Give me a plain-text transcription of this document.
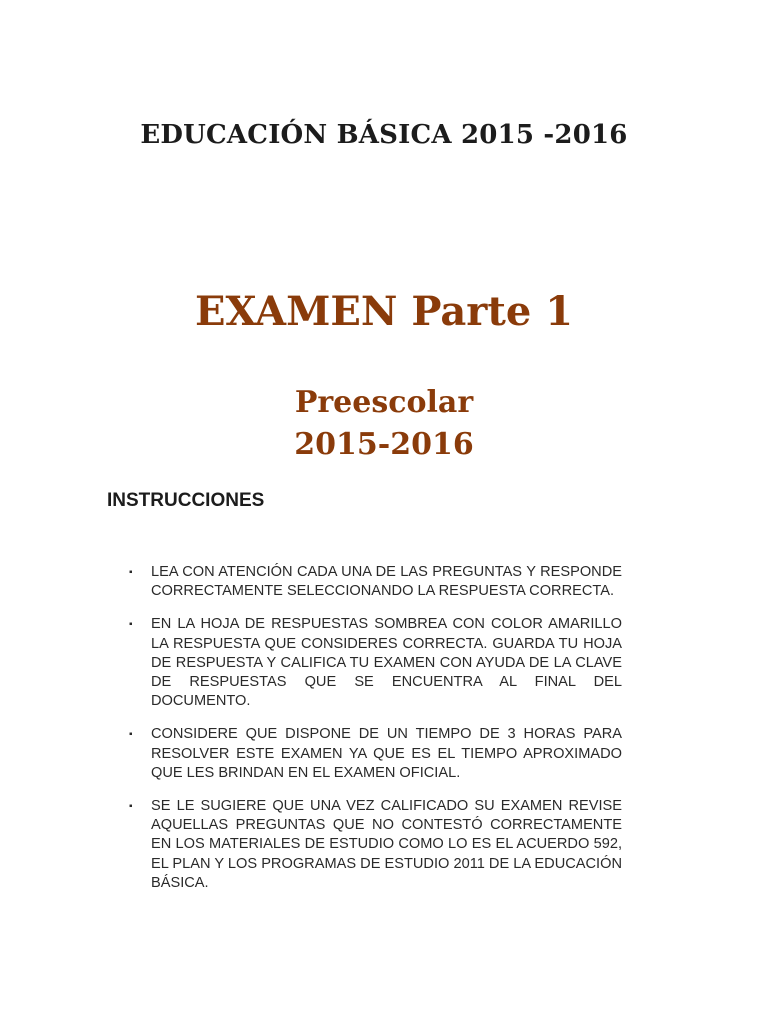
EDUCACIÓN BÁSICA 2015 -2016
EXAMEN Parte 1
Preescolar
2015-2016
INSTRUCCIONES
▪ LEA CON ATENCIÓN CADA UNA DE LAS PREGUNTAS Y RESPONDE CORRECTAMENTE SELECCIONANDO LA RESPUESTA CORRECTA.
▪ EN LA HOJA DE RESPUESTAS SOMBREA CON COLOR AMARILLO LA RESPUESTA QUE CONSIDERES CORRECTA. GUARDA TU HOJA DE RESPUESTA Y CALIFICA TU EXAMEN CON AYUDA DE LA CLAVE DE RESPUESTAS QUE SE ENCUENTRA AL FINAL DEL DOCUMENTO.
▪ CONSIDERE QUE DISPONE DE UN TIEMPO DE 3 HORAS PARA RESOLVER ESTE EXAMEN YA QUE ES EL TIEMPO APROXIMADO QUE LES BRINDAN EN EL EXAMEN OFICIAL.
▪ SE LE SUGIERE QUE UNA VEZ CALIFICADO SU EXAMEN REVISE AQUELLAS PREGUNTAS QUE NO CONTESTÓ CORRECTAMENTE EN LOS MATERIALES DE ESTUDIO COMO LO ES EL ACUERDO 592, EL PLAN Y LOS PROGRAMAS DE ESTUDIO 2011 DE LA EDUCACIÓN BÁSICA.
